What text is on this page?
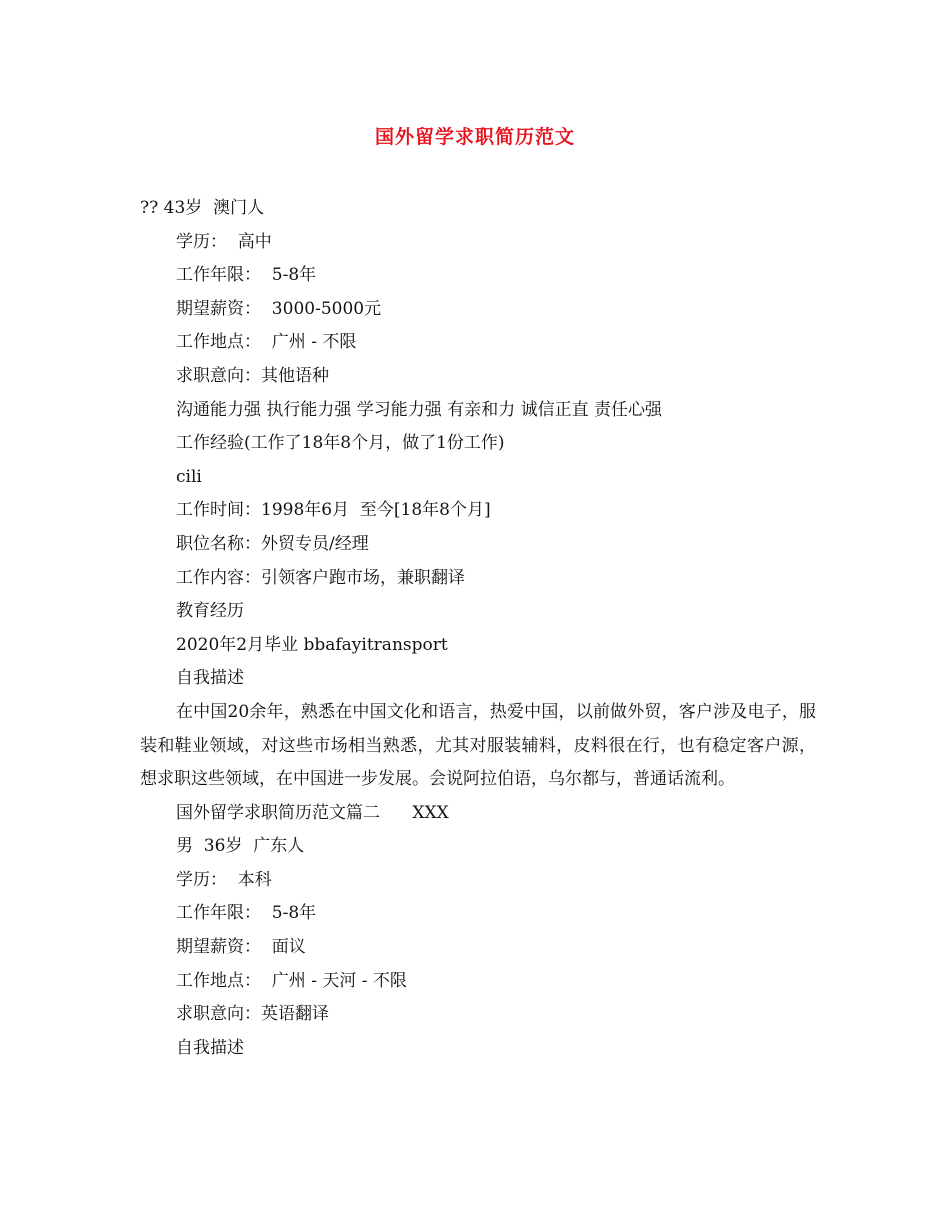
国外留学求职简历范文
?? 43岁  澳门人
学历：  高中
工作年限：  5-8年
期望薪资：  3000-5000元
工作地点：  广州 - 不限
求职意向：其他语种
沟通能力强 执行能力强 学习能力强 有亲和力 诚信正直 责任心强
工作经验(工作了18年8个月，做了1份工作)
cili
工作时间：1998年6月  至今[18年8个月]
职位名称：外贸专员/经理
工作内容：引领客户跑市场，兼职翻译
教育经历
2020年2月毕业 bbafayitransport
自我描述
在中国20余年，熟悉在中国文化和语言，热爱中国，以前做外贸，客户涉及电子，服装和鞋业领域，对这些市场相当熟悉，尤其对服装辅料，皮料很在行，也有稳定客户源，想求职这些领域，在中国进一步发展。会说阿拉伯语，乌尔都与，普通话流利。
国外留学求职简历范文篇二      XXX
男  36岁  广东人
学历：  本科
工作年限：  5-8年
期望薪资：  面议
工作地点：  广州 - 天河 - 不限
求职意向：英语翻译
自我描述
